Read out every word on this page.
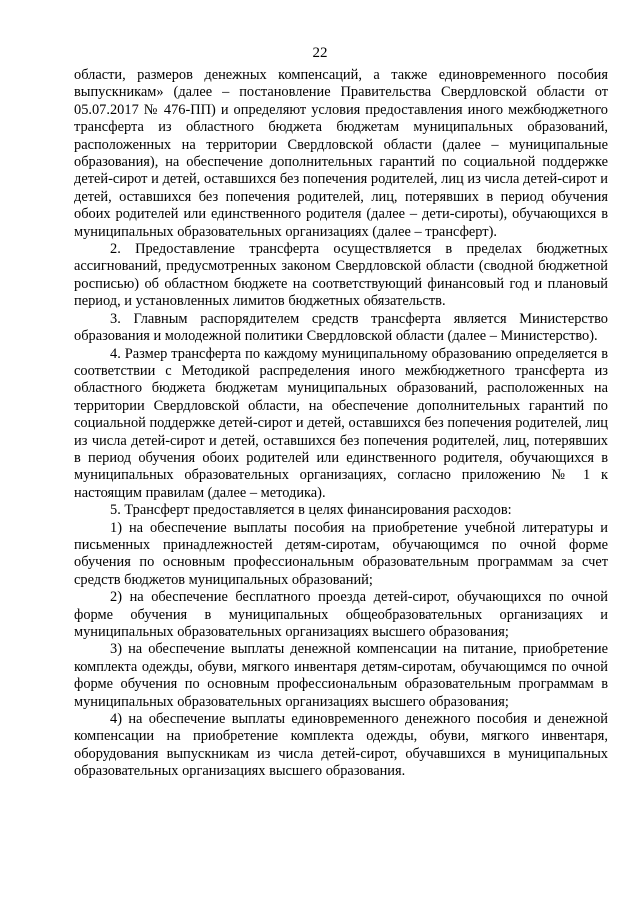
22

области, размеров денежных компенсаций, а также единовременного пособия выпускникам» (далее – постановление Правительства Свердловской области от 05.07.2017 № 476-ПП) и определяют условия предоставления иного межбюджетного трансферта из областного бюджета бюджетам муниципальных образований, расположенных на территории Свердловской области (далее – муниципальные образования), на обеспечение дополнительных гарантий по социальной поддержке детей-сирот и детей, оставшихся без попечения родителей, лиц из числа детей-сирот и детей, оставшихся без попечения родителей, лиц, потерявших в период обучения обоих родителей или единственного родителя (далее – дети-сироты), обучающихся в муниципальных образовательных организациях (далее – трансферт).

2. Предоставление трансферта осуществляется в пределах бюджетных ассигнований, предусмотренных законом Свердловской области (сводной бюджетной росписью) об областном бюджете на соответствующий финансовый год и плановый период, и установленных лимитов бюджетных обязательств.

3. Главным распорядителем средств трансферта является Министерство образования и молодежной политики Свердловской области (далее – Министерство).

4. Размер трансферта по каждому муниципальному образованию определяется в соответствии с Методикой распределения иного межбюджетного трансферта из областного бюджета бюджетам муниципальных образований, расположенных на территории Свердловской области, на обеспечение дополнительных гарантий по социальной поддержке детей-сирот и детей, оставшихся без попечения родителей, лиц из числа детей-сирот и детей, оставшихся без попечения родителей, лиц, потерявших в период обучения обоих родителей или единственного родителя, обучающихся в муниципальных образовательных организациях, согласно приложению № 1 к настоящим правилам (далее – методика).

5. Трансферт предоставляется в целях финансирования расходов:

1) на обеспечение выплаты пособия на приобретение учебной литературы и письменных принадлежностей детям-сиротам, обучающимся по очной форме обучения по основным профессиональным образовательным программам за счет средств бюджетов муниципальных образований;

2) на обеспечение бесплатного проезда детей-сирот, обучающихся по очной форме обучения в муниципальных общеобразовательных организациях и муниципальных образовательных организациях высшего образования;

3) на обеспечение выплаты денежной компенсации на питание, приобретение комплекта одежды, обуви, мягкого инвентаря детям-сиротам, обучающимся по очной форме обучения по основным профессиональным образовательным программам в муниципальных образовательных организациях высшего образования;

4) на обеспечение выплаты единовременного денежного пособия и денежной компенсации на приобретение комплекта одежды, обуви, мягкого инвентаря, оборудования выпускникам из числа детей-сирот, обучавшихся в муниципальных образовательных организациях высшего образования.
